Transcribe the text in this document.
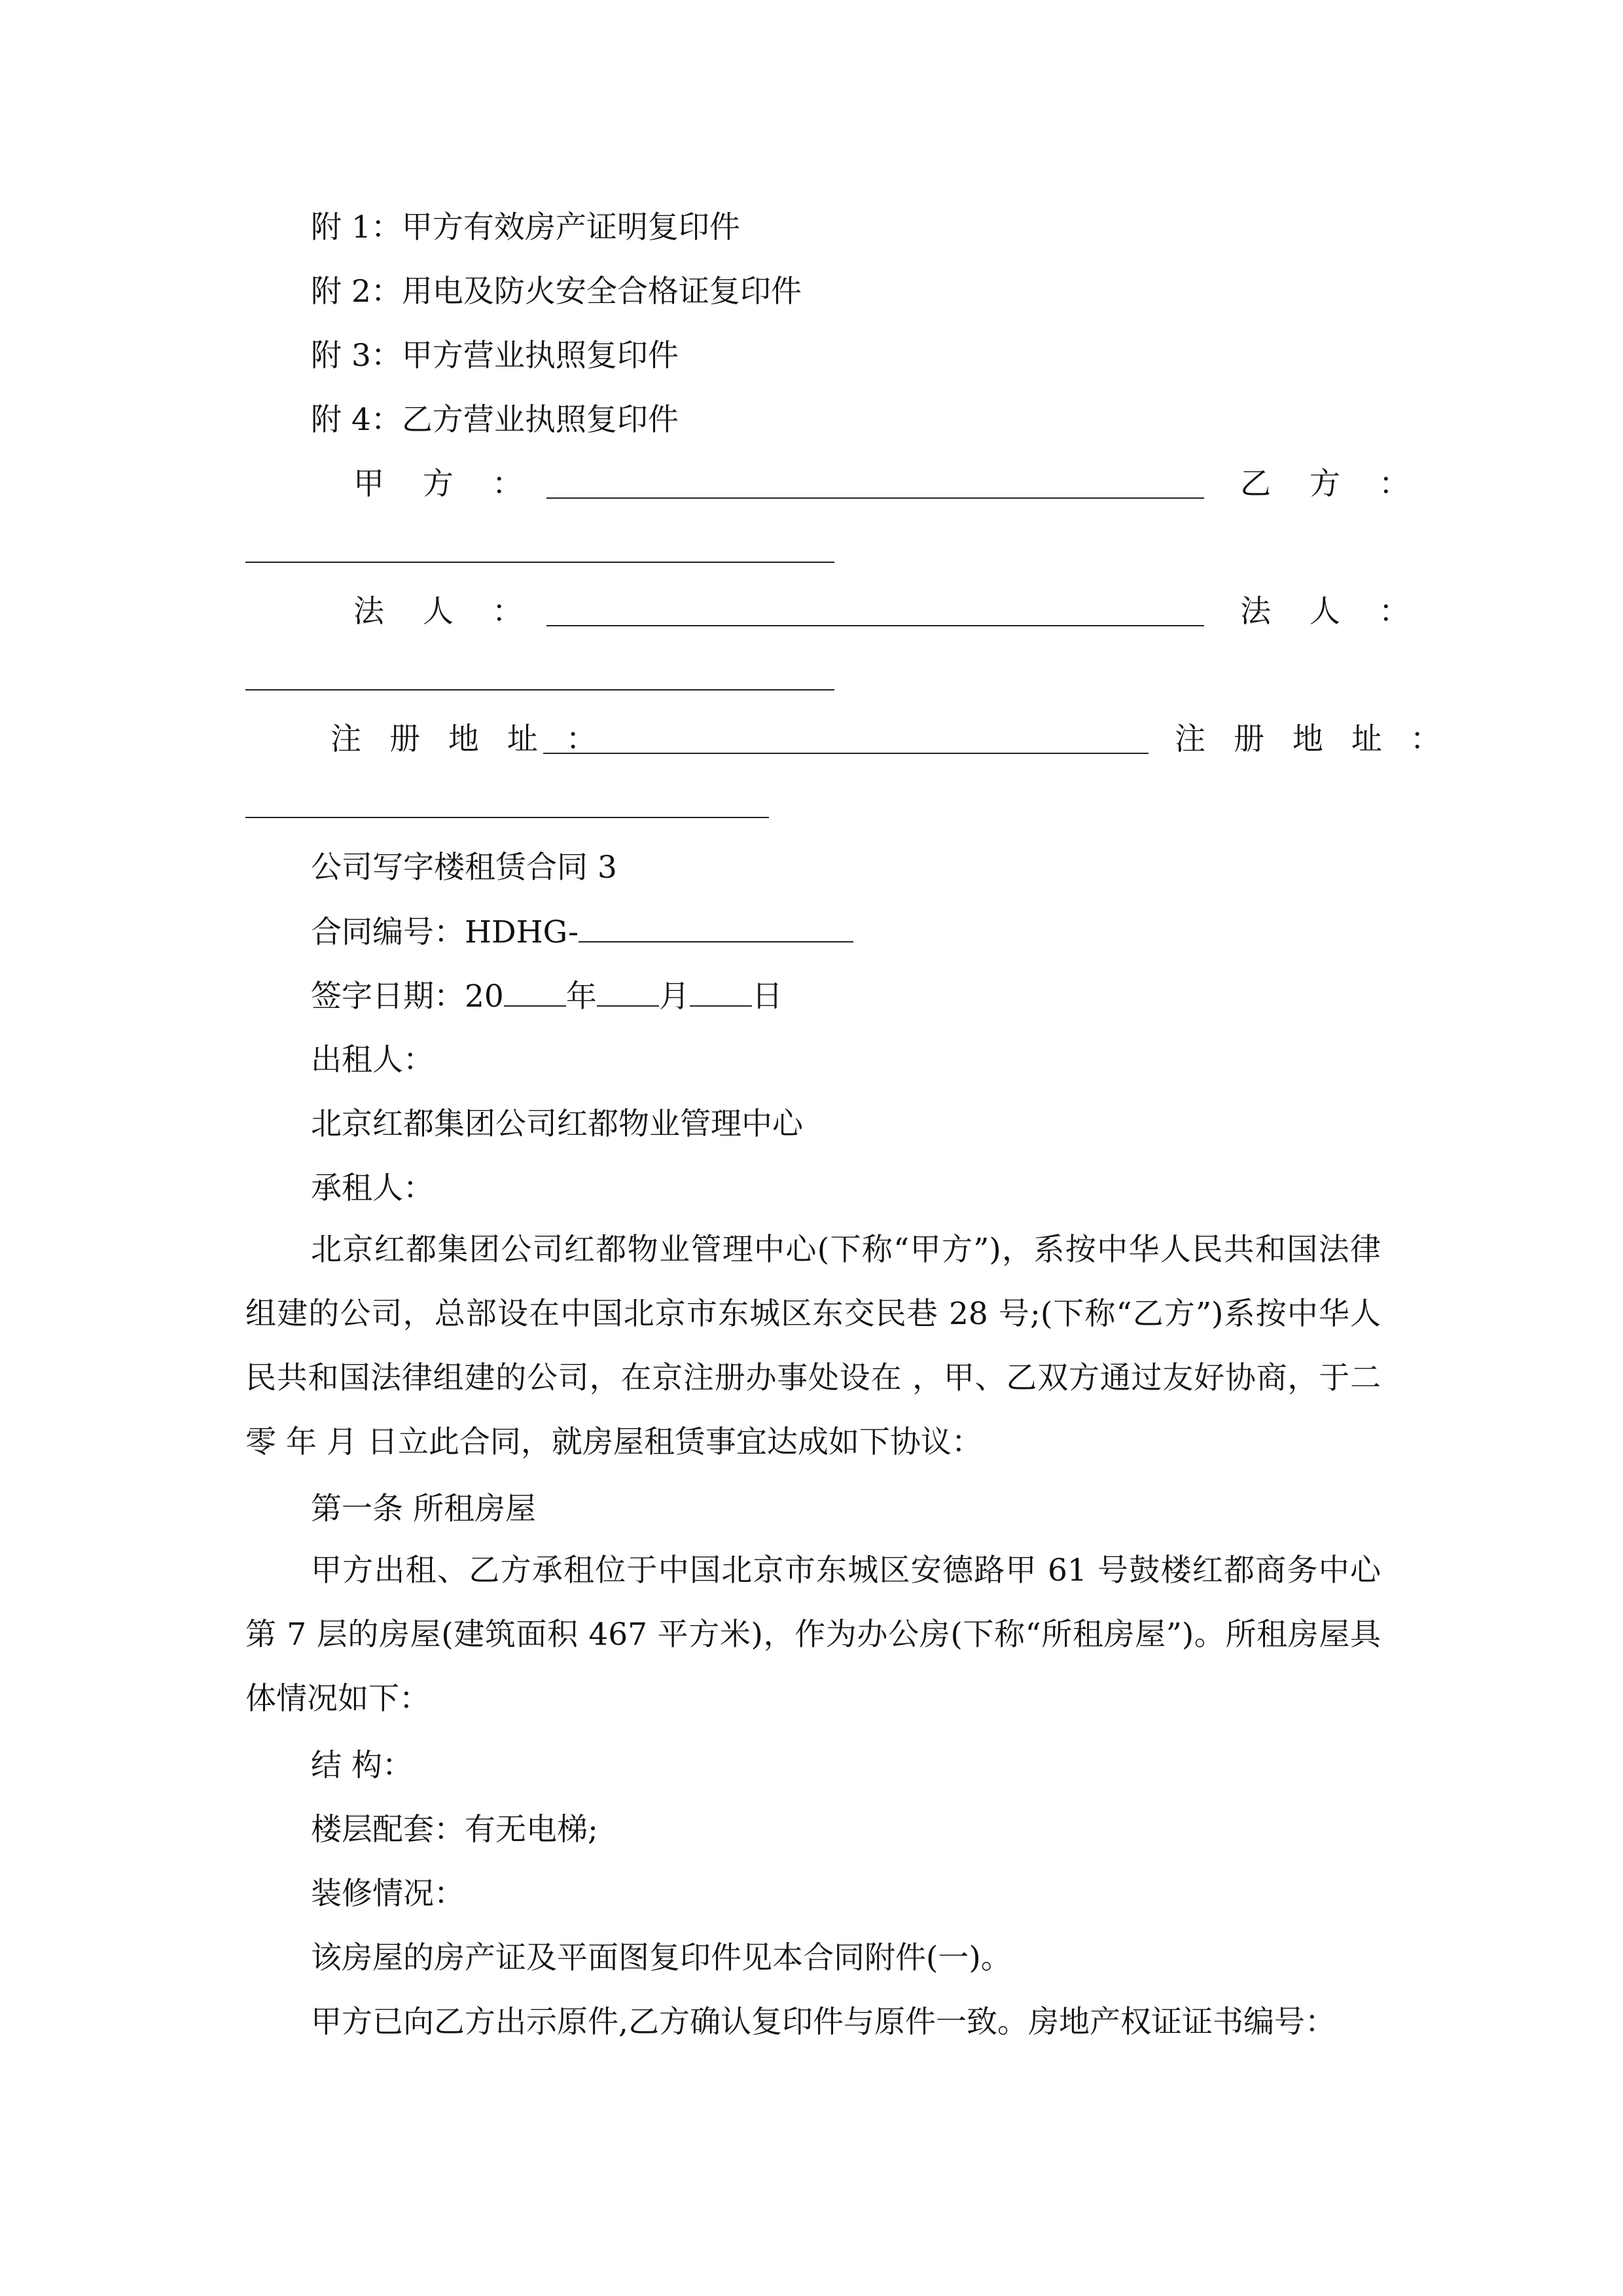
附 1：甲方有效房产证明复印件
附 2：用电及防火安全合格证复印件
附 3：甲方营业执照复印件
附 4：乙方营业执照复印件
甲 方 ：	乙 方 ：
法 人 ：	法 人 ：
注 册 地 址 ：	注 册 地 址 ：
公司写字楼租赁合同 3
合同编号：HDHG-
签字日期：20 年 月 日
出租人：
北京红都集团公司红都物业管理中心
承租人：
北京红都集团公司红都物业管理中心(下称“甲方”)，系按中华人民共和国法律组建的公司，总部设在中国北京市东城区东交民巷 28 号;(下称“乙方”)系按中华人民共和国法律组建的公司，在京注册办事处设在 ，甲、乙双方通过友好协商，于二零 年 月 日立此合同，就房屋租赁事宜达成如下协议：
第一条 所租房屋
甲方出租、乙方承租位于中国北京市东城区安德路甲 61 号鼓楼红都商务中心第 7 层的房屋(建筑面积 467 平方米)，作为办公房(下称“所租房屋”)。所租房屋具体情况如下：
结 构：
楼层配套：有无电梯;
装修情况：
该房屋的房产证及平面图复印件见本合同附件(一)。
甲方已向乙方出示原件,乙方确认复印件与原件一致。房地产权证证书编号：
